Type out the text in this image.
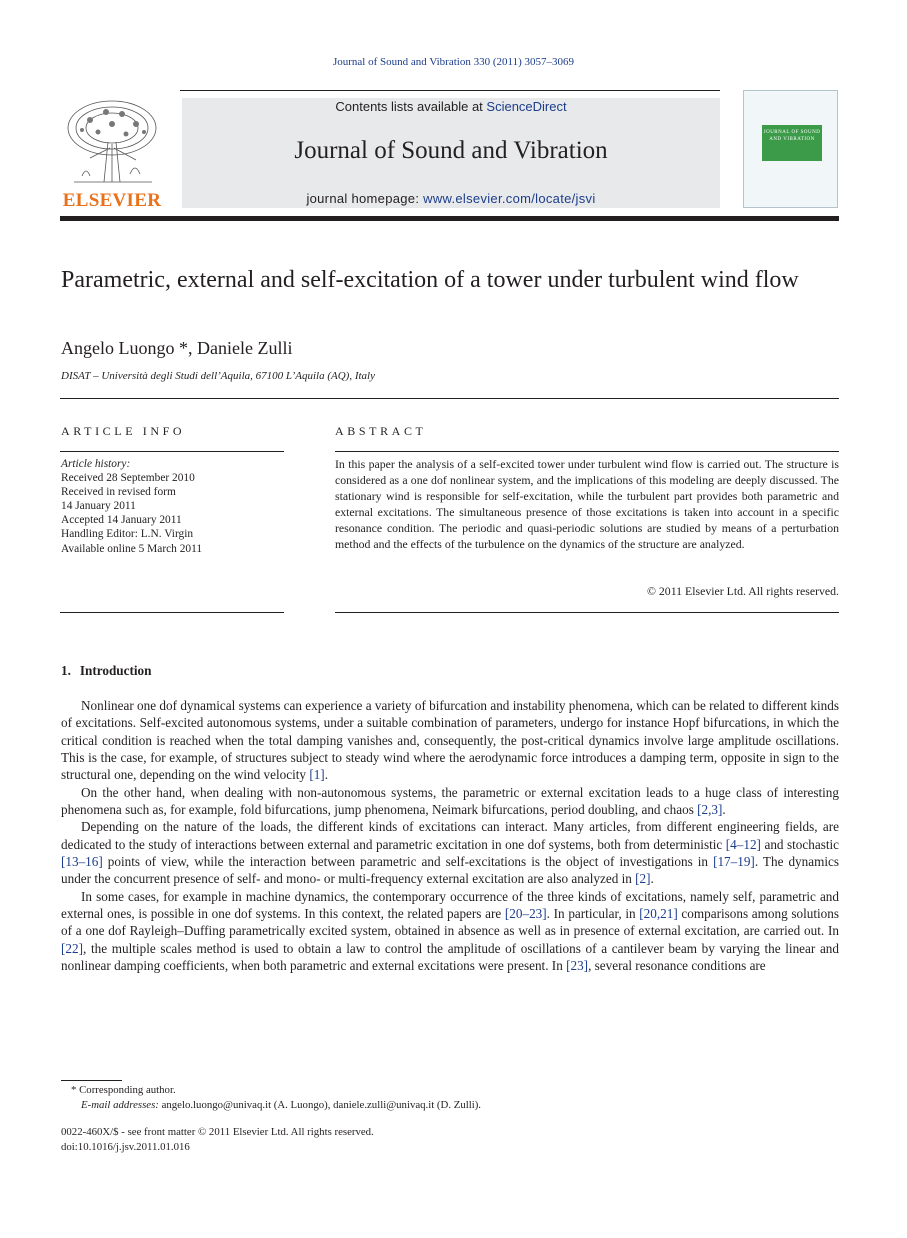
Journal of Sound and Vibration 330 (2011) 3057–3069
ELSEVIER
Contents lists available at ScienceDirect
Journal of Sound and Vibration
journal homepage: www.elsevier.com/locate/jsvi
JOURNAL OF SOUND AND VIBRATION
Parametric, external and self-excitation of a tower under turbulent wind flow
Angelo Luongo *, Daniele Zulli
DISAT – Università degli Studi dell’Aquila, 67100 L’Aquila (AQ), Italy
ARTICLE INFO	ABSTRACT
Article history:
Received 28 September 2010
Received in revised form
14 January 2011
Accepted 14 January 2011
Handling Editor: L.N. Virgin
Available online 5 March 2011
In this paper the analysis of a self-excited tower under turbulent wind flow is carried out. The structure is considered as a one dof nonlinear system, and the implications of this modeling are deeply discussed. The stationary wind is responsible for self-excitation, while the turbulent part provides both parametric and external excitations. The simultaneous presence of those excitations is taken into account in a specific resonance condition. The periodic and quasi-periodic solutions are studied by means of a perturbation method and the effects of the turbulence on the dynamics of the structure are analyzed.
© 2011 Elsevier Ltd. All rights reserved.
1. Introduction

Nonlinear one dof dynamical systems can experience a variety of bifurcation and instability phenomena, which can be related to different kinds of excitations. Self-excited autonomous systems, under a suitable combination of parameters, undergo for instance Hopf bifurcations, in which the critical condition is reached when the total damping vanishes and, consequently, the post-critical dynamics involve large amplitude oscillations. This is the case, for example, of structures subject to steady wind where the aerodynamic force introduces a damping term, opposite in sign to the structural one, depending on the wind velocity [1].

On the other hand, when dealing with non-autonomous systems, the parametric or external excitation leads to a huge class of interesting phenomena such as, for example, fold bifurcations, jump phenomena, Neimark bifurcations, period doubling, and chaos [2,3].

Depending on the nature of the loads, the different kinds of excitations can interact. Many articles, from different engineering fields, are dedicated to the study of interactions between external and parametric excitation in one dof systems, both from deterministic [4–12] and stochastic [13–16] points of view, while the interaction between parametric and self-excitations is the object of investigations in [17–19]. The dynamics under the concurrent presence of self- and mono- or multi-frequency external excitation are also analyzed in [2].

In some cases, for example in machine dynamics, the contemporary occurrence of the three kinds of excitations, namely self, parametric and external ones, is possible in one dof systems. In this context, the related papers are [20–23]. In particular, in [20,21] comparisons among solutions of a one dof Rayleigh–Duffing parametrically excited system, obtained in absence as well as in presence of external excitation, are carried out. In [22], the multiple scales method is used to obtain a law to control the amplitude of oscillations of a cantilever beam by varying the linear and nonlinear damping coefficients, when both parametric and external excitations were present. In [23], several resonance conditions are

* Corresponding author.
E-mail addresses: angelo.luongo@univaq.it (A. Luongo), daniele.zulli@univaq.it (D. Zulli).
0022-460X/$ - see front matter © 2011 Elsevier Ltd. All rights reserved.
doi:10.1016/j.jsv.2011.01.016
